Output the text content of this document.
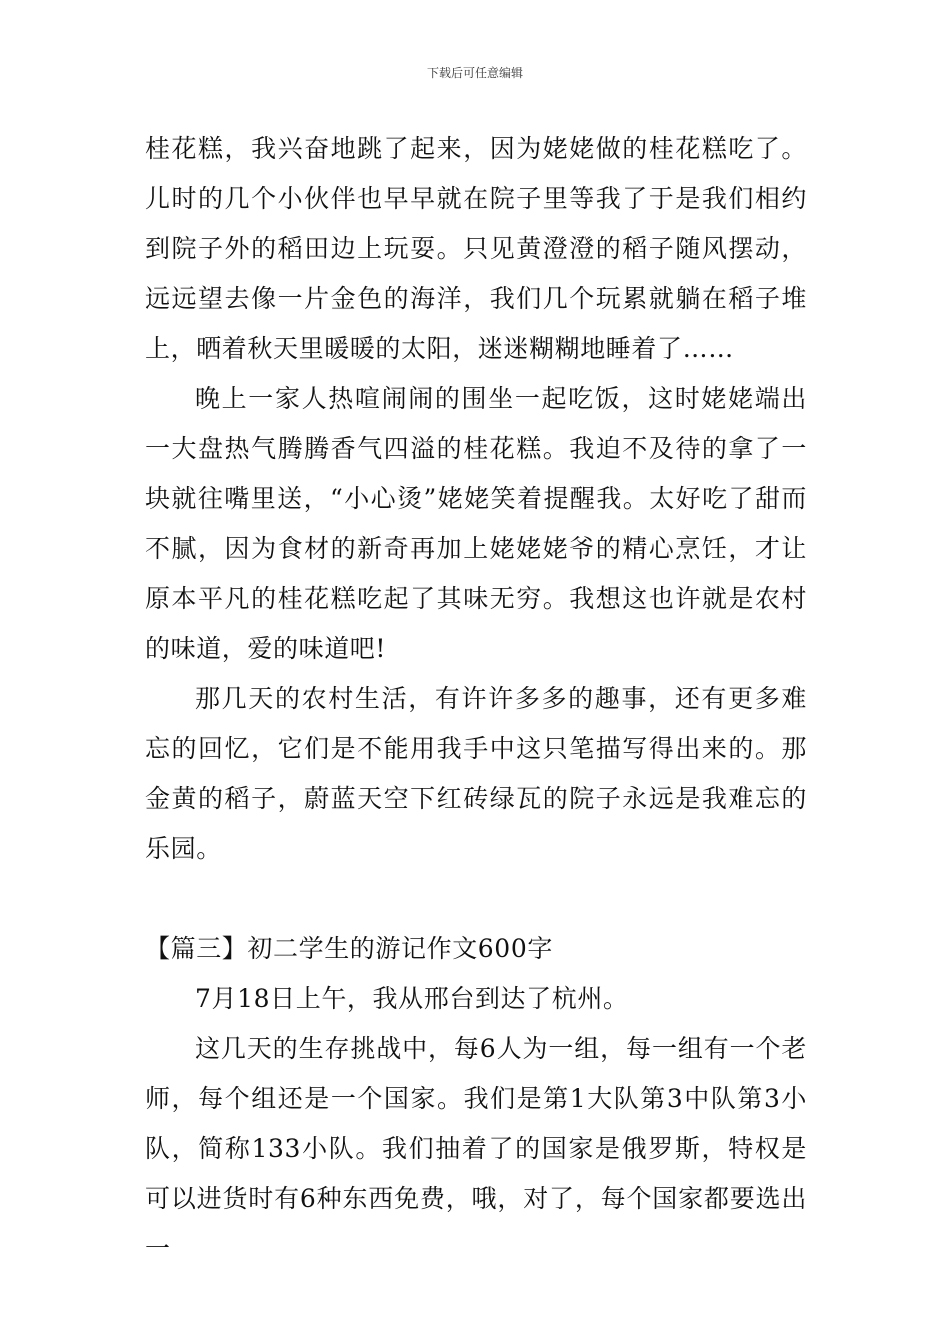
下载后可任意编辑

桂花糕，我兴奋地跳了起来，因为姥姥做的桂花糕吃了。儿时的几个小伙伴也早早就在院子里等我了于是我们相约到院子外的稻田边上玩耍。只见黄澄澄的稻子随风摆动，远远望去像一片金色的海洋，我们几个玩累就躺在稻子堆上，晒着秋天里暖暖的太阳，迷迷糊糊地睡着了……

晚上一家人热喧闹闹的围坐一起吃饭，这时姥姥端出一大盘热气腾腾香气四溢的桂花糕。我迫不及待的拿了一块就往嘴里送，“小心烫”姥姥笑着提醒我。太好吃了甜而不腻，因为食材的新奇再加上姥姥姥爷的精心烹饪，才让原本平凡的桂花糕吃起了其味无穷。我想这也许就是农村的味道，爱的味道吧!

那几天的农村生活，有许许多多的趣事，还有更多难忘的回忆，它们是不能用我手中这只笔描写得出来的。那金黄的稻子，蔚蓝天空下红砖绿瓦的院子永远是我难忘的乐园。

【篇三】初二学生的游记作文600字

7月18日上午，我从邢台到达了杭州。

这几天的生存挑战中，每6人为一组，每一组有一个老师，每个组还是一个国家。我们是第1大队第3中队第3小队，简称133小队。我们抽着了的国家是俄罗斯，特权是可以进货时有6种东西免费，哦，对了，每个国家都要选出一
